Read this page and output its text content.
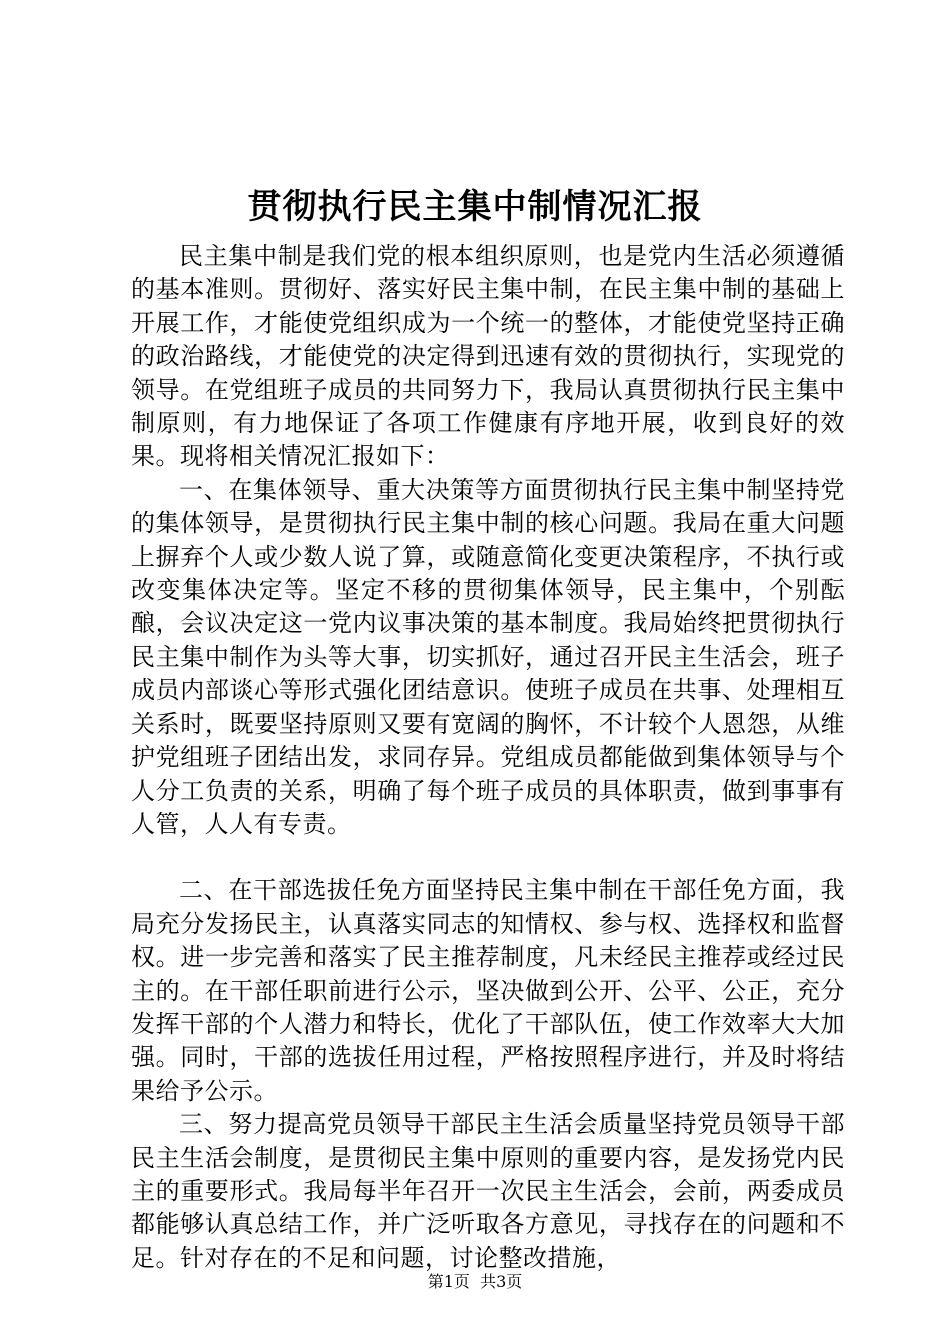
贯彻执行民主集中制情况汇报

民主集中制是我们党的根本组织原则，也是党内生活必须遵循的基本准则。贯彻好、落实好民主集中制，在民主集中制的基础上开展工作，才能使党组织成为一个统一的整体，才能使党坚持正确的政治路线，才能使党的决定得到迅速有效的贯彻执行，实现党的领导。在党组班子成员的共同努力下，我局认真贯彻执行民主集中制原则，有力地保证了各项工作健康有序地开展，收到良好的效果。现将相关情况汇报如下：

一、在集体领导、重大决策等方面贯彻执行民主集中制坚持党的集体领导，是贯彻执行民主集中制的核心问题。我局在重大问题上摒弃个人或少数人说了算，或随意简化变更决策程序，不执行或改变集体决定等。坚定不移的贯彻集体领导，民主集中，个别酝酿，会议决定这一党内议事决策的基本制度。我局始终把贯彻执行民主集中制作为头等大事，切实抓好，通过召开民主生活会，班子成员内部谈心等形式强化团结意识。使班子成员在共事、处理相互关系时，既要坚持原则又要有宽阔的胸怀，不计较个人恩怨，从维护党组班子团结出发，求同存异。党组成员都能做到集体领导与个人分工负责的关系，明确了每个班子成员的具体职责，做到事事有人管，人人有专责。

二、在干部选拔任免方面坚持民主集中制在干部任免方面，我局充分发扬民主，认真落实同志的知情权、参与权、选择权和监督权。进一步完善和落实了民主推荐制度，凡未经民主推荐或经过民主的。在干部任职前进行公示，坚决做到公开、公平、公正，充分发挥干部的个人潜力和特长，优化了干部队伍，使工作效率大大加强。同时，干部的选拔任用过程，严格按照程序进行，并及时将结果给予公示。

三、努力提高党员领导干部民主生活会质量坚持党员领导干部民主生活会制度，是贯彻民主集中原则的重要内容，是发扬党内民主的重要形式。我局每半年召开一次民主生活会，会前，两委成员都能够认真总结工作，并广泛听取各方意见，寻找存在的问题和不足。针对存在的不足和问题，讨论整改措施，

第1页 共3页
